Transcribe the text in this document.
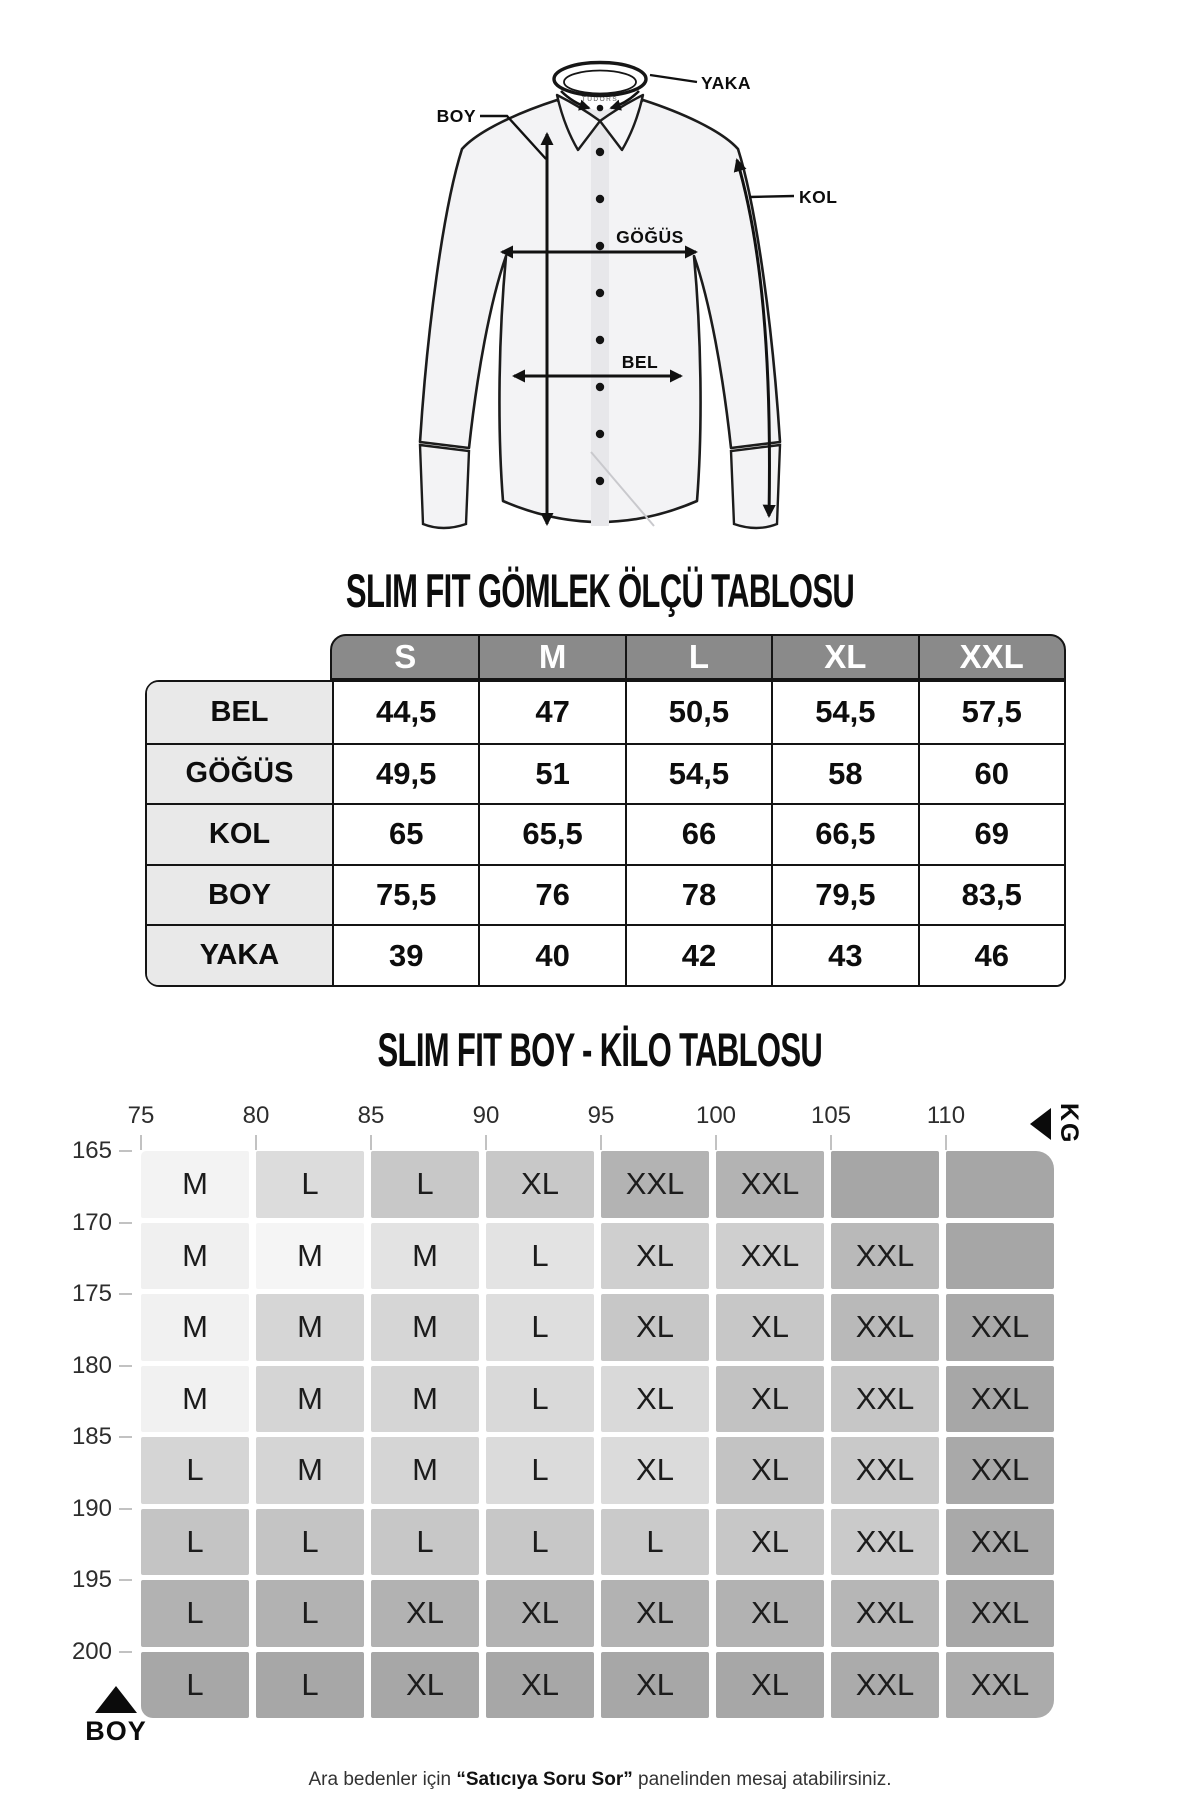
TUDORS
BOY
YAKA
KOL
GÖĞÜS
BEL
SLIM FIT GÖMLEK ÖLÇÜ TABLOSU
S	M	L	XL	XXL
BEL	44,5	47	50,5	54,5	57,5
GÖĞÜS	49,5	51	54,5	58	60
KOL	65	65,5	66	66,5	69
BOY	75,5	76	78	79,5	83,5
YAKA	39	40	42	43	46
SLIM FIT BOY - KİLO TABLOSU
75	80	85	90	95	100	105	110	KG
165
170
175
180
185
190
195
200
M	L	L	XL	XXL	XXL
M	M	M	L	XL	XXL	XXL
M	M	M	L	XL	XL	XXL	XXL
M	M	M	L	XL	XL	XXL	XXL
L	M	M	L	XL	XL	XXL	XXL
L	L	L	L	L	XL	XXL	XXL
L	L	XL	XL	XL	XL	XXL	XXL
L	L	XL	XL	XL	XL	XXL	XXL
BOY
Ara bedenler için “Satıcıya Soru Sor” panelinden mesaj atabilirsiniz.
